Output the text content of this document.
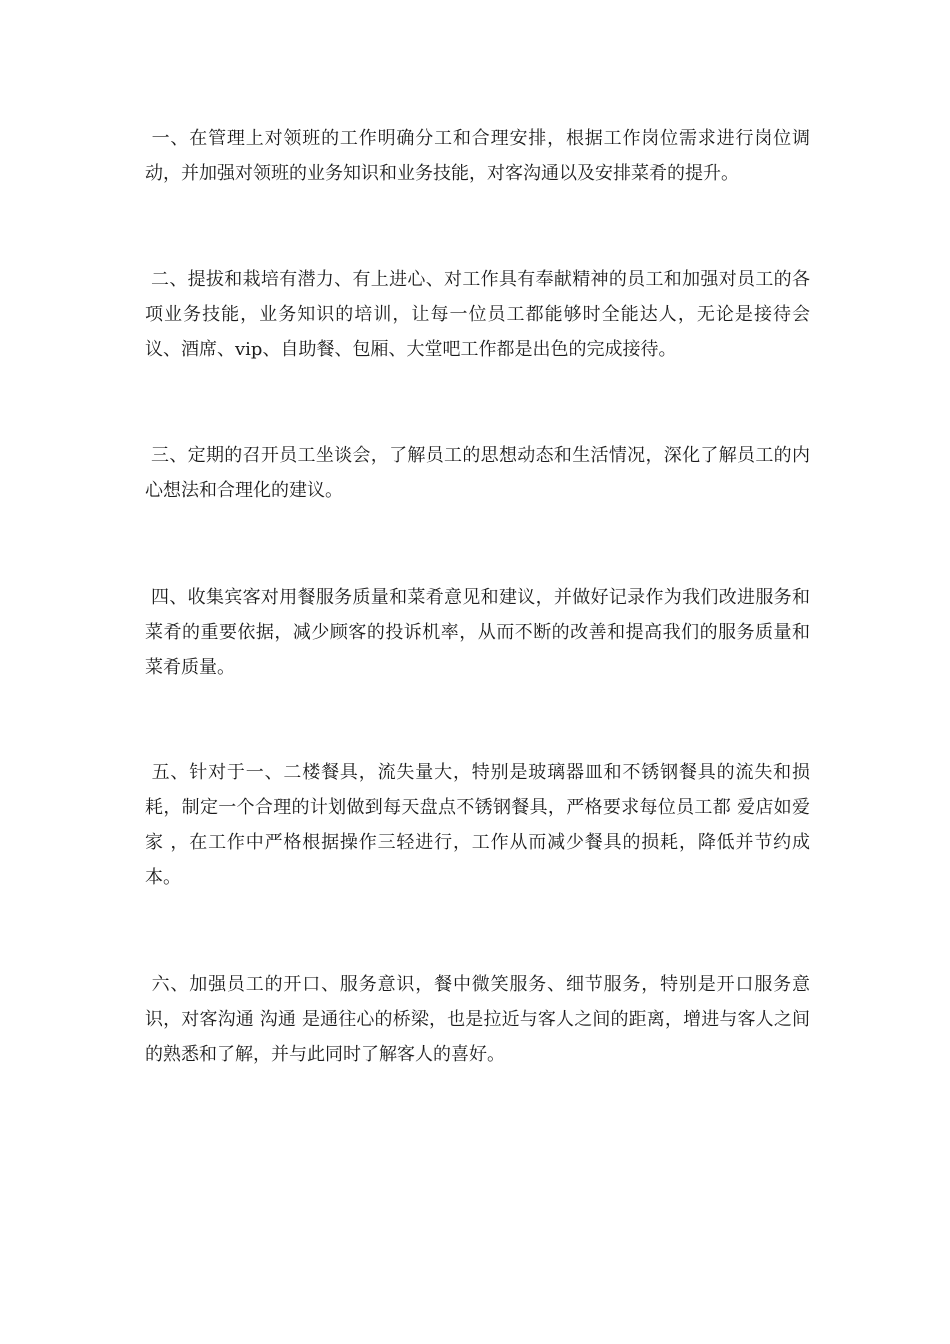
一、在管理上对领班的工作明确分工和合理安排，根据工作岗位需求进行岗位调动，并加强对领班的业务知识和业务技能，对客沟通以及安排菜肴的提升。

二、提拔和栽培有潜力、有上进心、对工作具有奉献精神的员工和加强对员工的各项业务技能，业务知识的培训，让每一位员工都能够时全能达人，无论是接待会议、酒席、vip、自助餐、包厢、大堂吧工作都是出色的完成接待。

三、定期的召开员工坐谈会，了解员工的思想动态和生活情况，深化了解员工的内心想法和合理化的建议。

四、收集宾客对用餐服务质量和菜肴意见和建议，并做好记录作为我们改进服务和菜肴的重要依据，减少顾客的投诉机率，从而不断的改善和提高我们的服务质量和菜肴质量。

五、针对于一、二楼餐具，流失量大，特别是玻璃器皿和不锈钢餐具的流失和损耗，制定一个合理的计划做到每天盘点不锈钢餐具，严格要求每位员工都 爱店如爱家 ，在工作中严格根据操作三轻进行，工作从而减少餐具的损耗，降低并节约成本。

六、加强员工的开口、服务意识，餐中微笑服务、细节服务，特别是开口服务意识，对客沟通 沟通 是通往心的桥梁，也是拉近与客人之间的距离，增进与客人之间的熟悉和了解，并与此同时了解客人的喜好。
